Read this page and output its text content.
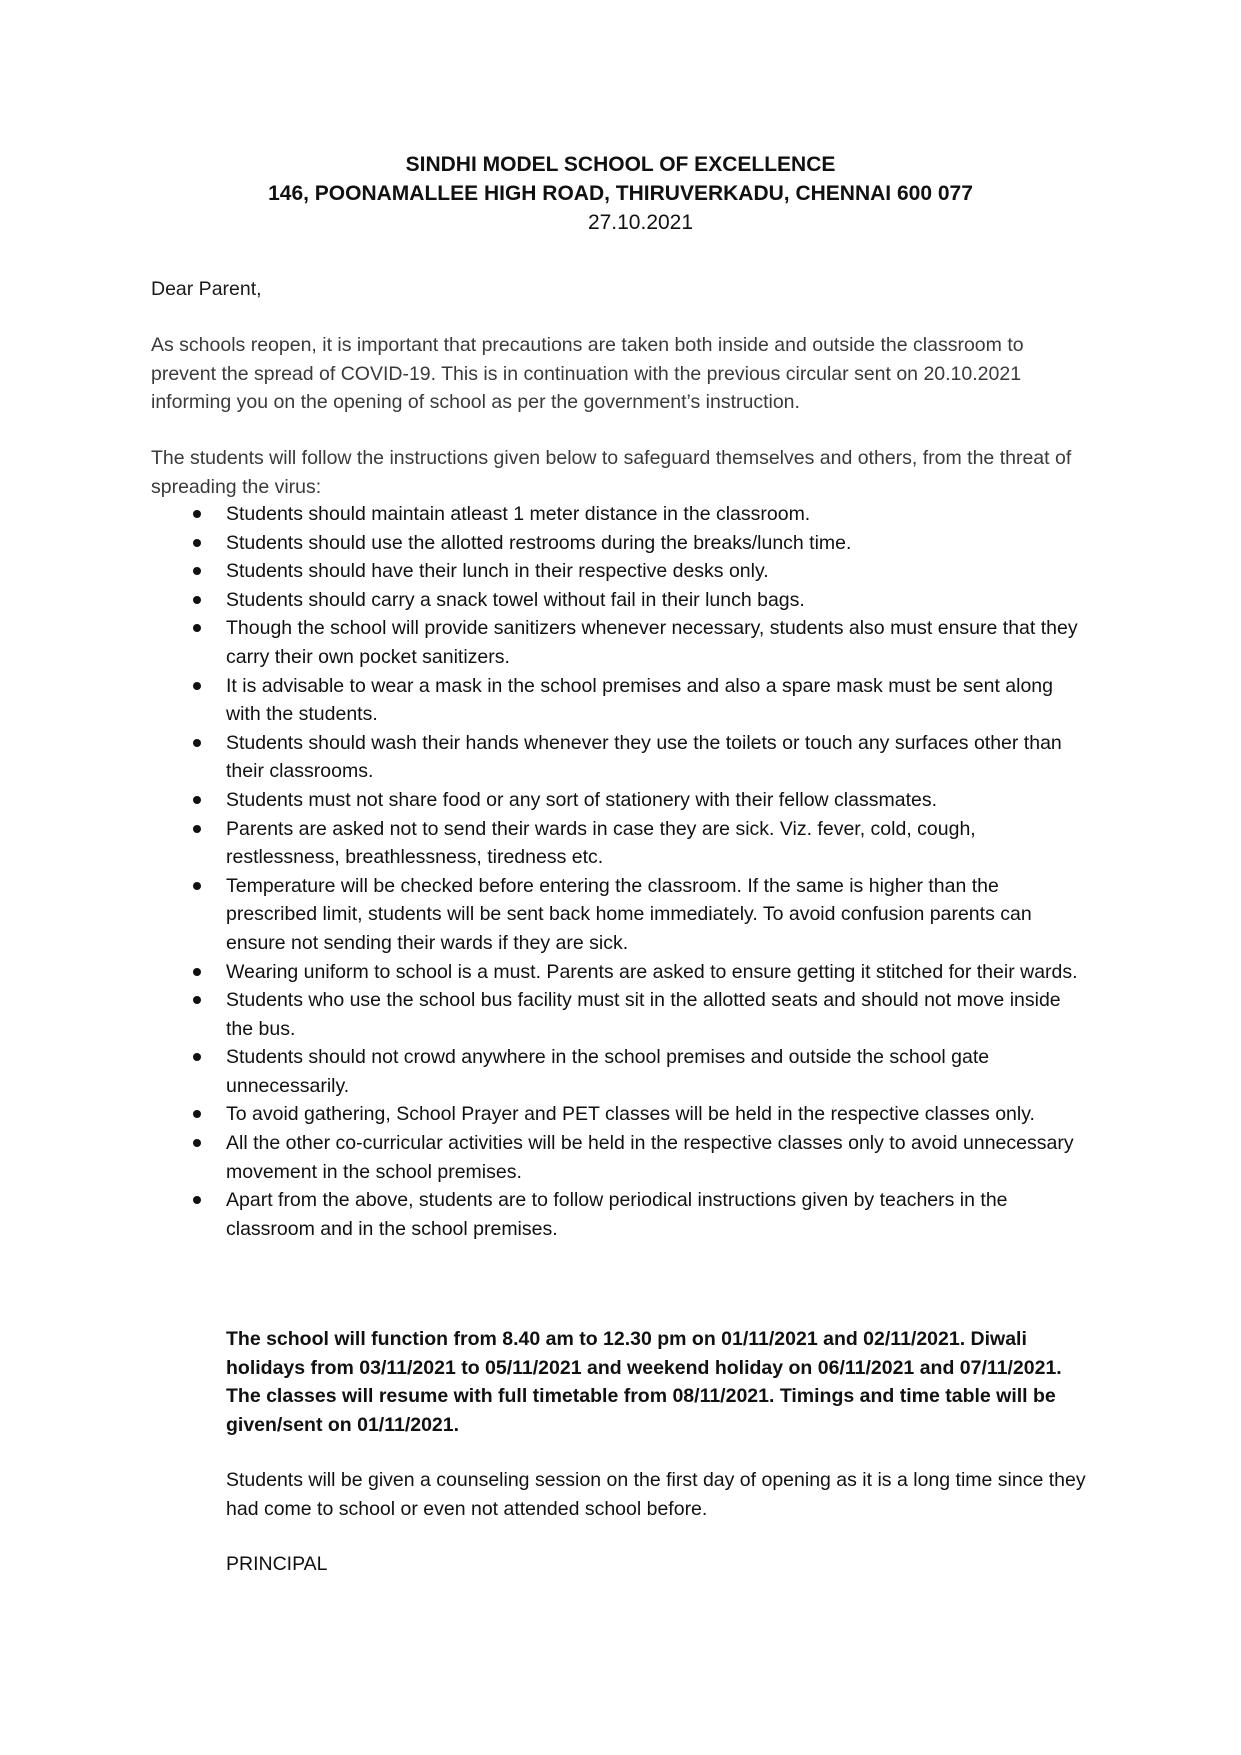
SINDHI MODEL SCHOOL OF EXCELLENCE
146, POONAMALLEE HIGH ROAD, THIRUVERKADU, CHENNAI 600 077
27.10.2021
Dear Parent,
As schools reopen, it is important that precautions are taken both inside and outside the classroom to prevent the spread of COVID-19. This is in continuation with the previous circular sent on 20.10.2021 informing you on the opening of school as per the government’s instruction.
The students will follow the instructions given below to safeguard themselves and others, from the threat of spreading the virus:
Students should maintain atleast 1 meter distance in the classroom.
Students should use the allotted restrooms during the breaks/lunch time.
Students should have their lunch in their respective desks only.
Students should carry a snack towel without fail in their lunch bags.
Though the school will provide sanitizers whenever necessary, students also must ensure that they carry their own pocket sanitizers.
It is advisable to wear a mask in the school premises and also a spare mask must be sent along with the students.
Students should wash their hands whenever they use the toilets or touch any surfaces other than their classrooms.
Students must not share food or any sort of stationery with their fellow classmates.
Parents are asked not to send their wards in case they are sick. Viz. fever, cold, cough, restlessness, breathlessness, tiredness etc.
Temperature will be checked before entering the classroom. If the same is higher than the prescribed limit, students will be sent back home immediately. To avoid confusion parents can ensure not sending their wards if they are sick.
Wearing uniform to school is a must. Parents are asked to ensure getting it stitched for their wards.
Students who use the school bus facility must sit in the allotted seats and should not move inside the bus.
Students should not crowd anywhere in the school premises and outside the school gate unnecessarily.
To avoid gathering, School Prayer and PET classes will be held in the respective classes only.
All the other co-curricular activities will be held in the respective classes only to avoid unnecessary movement in the school premises.
Apart from the above, students are to follow periodical instructions given by teachers in the classroom and in the school premises.
The school will function from 8.40 am to 12.30 pm on 01/11/2021 and 02/11/2021. Diwali holidays from 03/11/2021 to 05/11/2021 and weekend holiday on 06/11/2021 and 07/11/2021. The classes will resume with full timetable from 08/11/2021. Timings and time table will be given/sent on 01/11/2021.
Students will be given a counseling session on the first day of opening as it is a long time since they had come to school or even not attended school before.
PRINCIPAL
